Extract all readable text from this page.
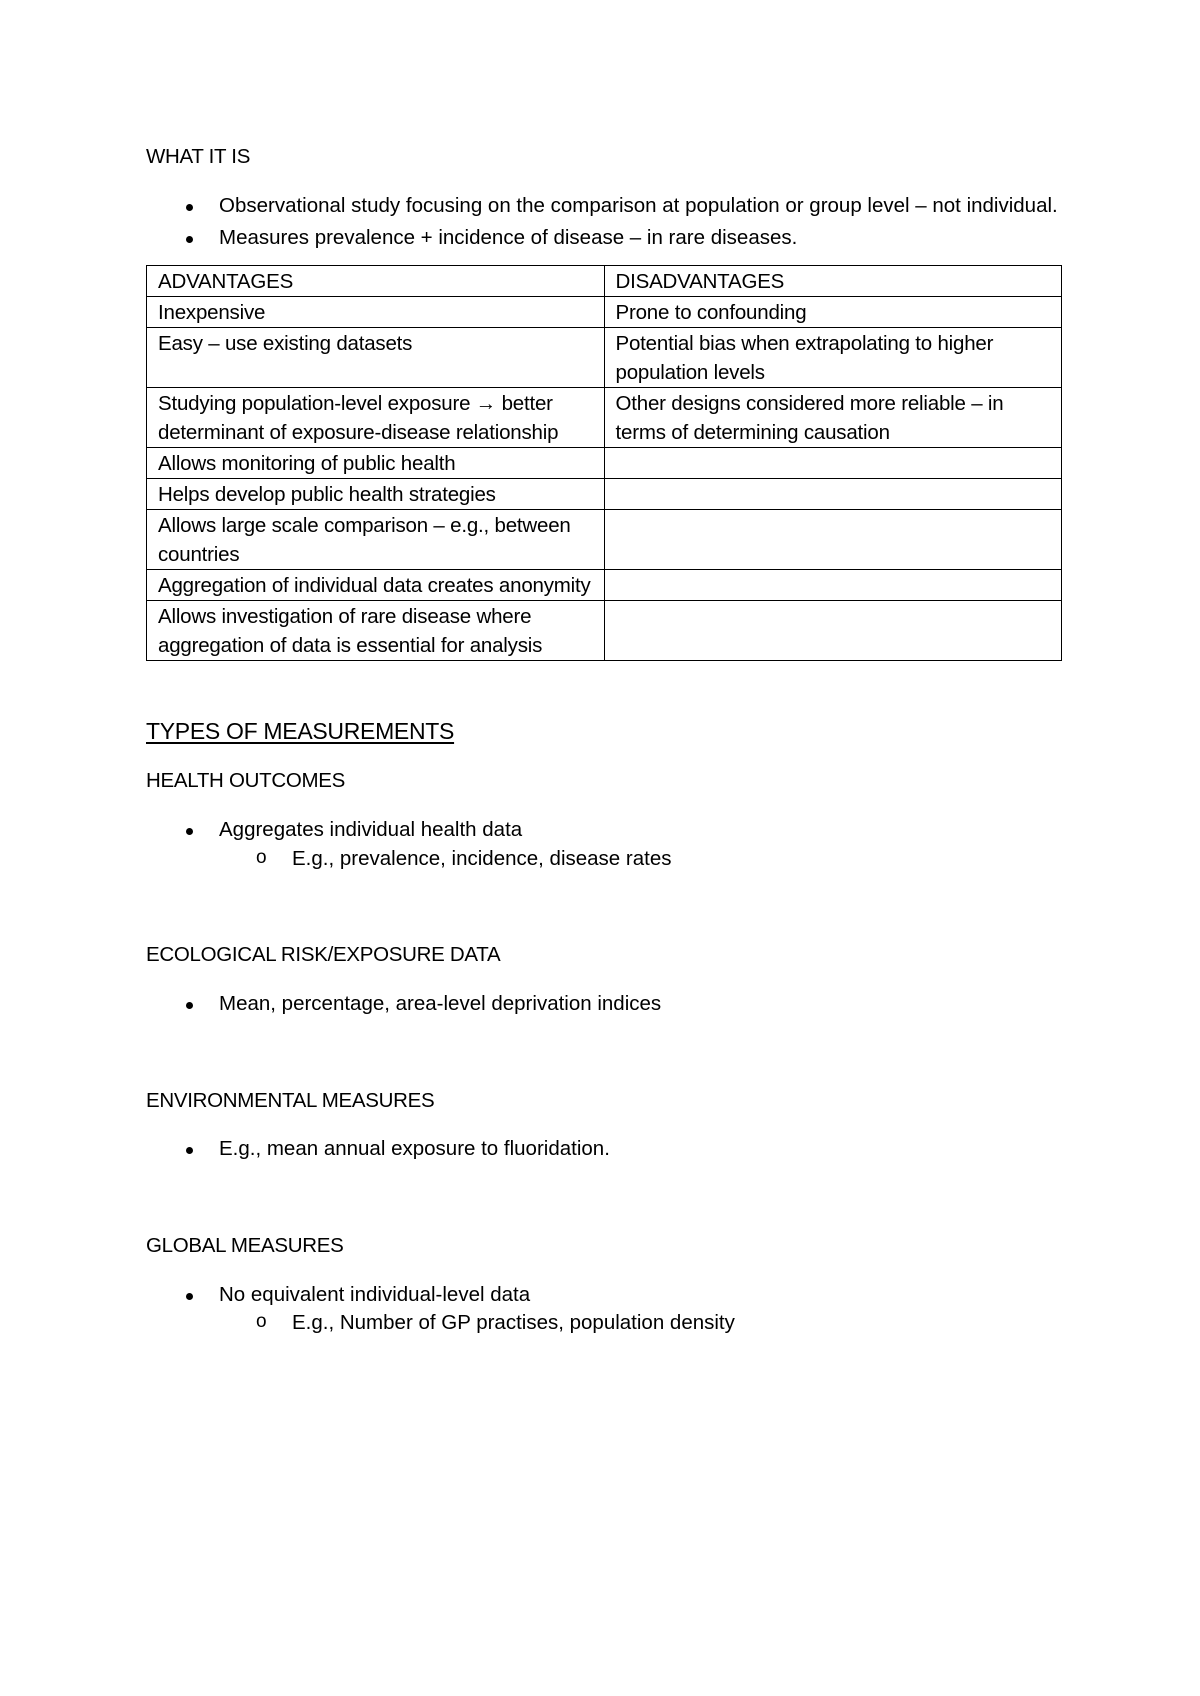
WHAT IT IS

Observational study focusing on the comparison at population or group level – not individual.
Measures prevalence + incidence of disease – in rare diseases.
ADVANTAGES	DISADVANTAGES
Inexpensive	Prone to confounding
Easy – use existing datasets	Potential bias when extrapolating to higher population levels
Studying population-level exposure → better determinant of exposure-disease relationship	Other designs considered more reliable – in terms of determining causation
Allows monitoring of public health	
Helps develop public health strategies	
Allows large scale comparison – e.g., between countries	
Aggregation of individual data creates anonymity	
Allows investigation of rare disease where aggregation of data is essential for analysis	

TYPES OF MEASUREMENTS

HEALTH OUTCOMES

Aggregates individual health data
o E.g., prevalence, incidence, disease rates

ECOLOGICAL RISK/EXPOSURE DATA

Mean, percentage, area-level deprivation indices

ENVIRONMENTAL MEASURES

E.g., mean annual exposure to fluoridation.

GLOBAL MEASURES

No equivalent individual-level data
o E.g., Number of GP practises, population density
